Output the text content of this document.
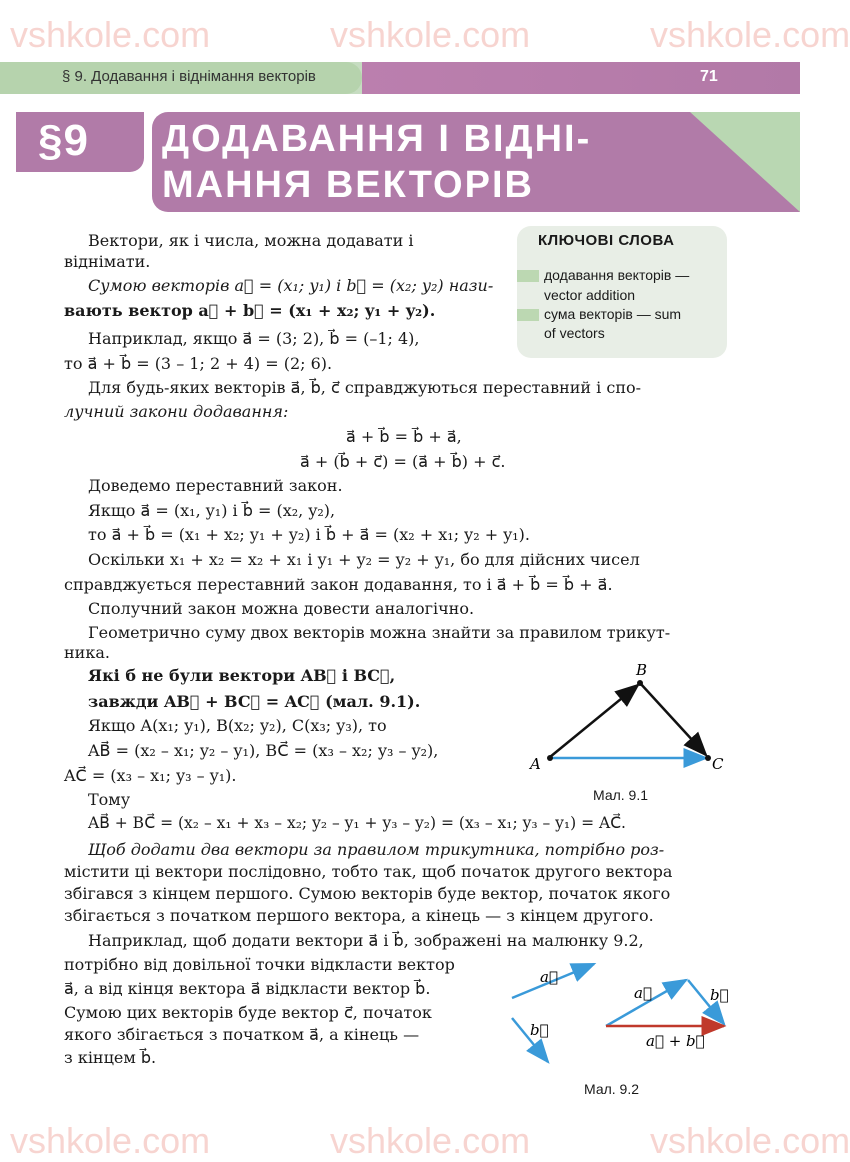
vshkole.com	vshkole.com	vshkole.com
vshkole.com	vshkole.com	vshkole.com
§ 9. Додавання і віднімання векторів	71
§9 ДОДАВАННЯ І ВІДНІ-
МАННЯ ВЕКТОРІВ
КЛЮЧОВІ СЛОВА
додавання векторів —
vector addition
сума векторів — sum
of vectors
Вектори, як і числа, можна додавати і
віднімати.
Сумою векторів a⃗ = (x₁; y₁) і b⃗ = (x₂; y₂) нази-
вають вектор a⃗ + b⃗ = (x₁ + x₂; y₁ + y₂).
Наприклад, якщо a⃗ = (3; 2), b⃗ = (–1; 4),
то a⃗ + b⃗ = (3 – 1; 2 + 4) = (2; 6).
Для будь-яких векторів a⃗, b⃗, c⃗ справджуються переставний і спо-
лучний закони додавання:
a⃗ + b⃗ = b⃗ + a⃗,
a⃗ + (b⃗ + c⃗) = (a⃗ + b⃗) + c⃗.
Доведемо переставний закон.
Якщо a⃗ = (x₁, y₁) і b⃗ = (x₂, y₂),
то a⃗ + b⃗ = (x₁ + x₂; y₁ + y₂) і b⃗ + a⃗ = (x₂ + x₁; y₂ + y₁).
Оскільки x₁ + x₂ = x₂ + x₁ і y₁ + y₂ = y₂ + y₁, бо для дійсних чисел
справджується переставний закон додавання, то і a⃗ + b⃗ = b⃗ + a⃗.
Сполучний закон можна довести аналогічно.
Геометрично суму двох векторів можна знайти за правилом трикут-
ника.
Які б не були вектори AB⃗ і BC⃗,
завжди AB⃗ + BC⃗ = AC⃗ (мал. 9.1).
Якщо A(x₁; y₁), B(x₂; y₂), C(x₃; y₃), то
AB⃗ = (x₂ – x₁; y₂ – y₁), BC⃗ = (x₃ – x₂; y₃ – y₂),
AC⃗ = (x₃ – x₁; y₃ – y₁).
Тому
AB⃗ + BC⃗ = (x₂ – x₁ + x₃ – x₂; y₂ – y₁ + y₃ – y₂) = (x₃ – x₁; y₃ – y₁) = AC⃗.
Щоб додати два вектори за правилом трикутника, потрібно роз-
містити ці вектори послідовно, тобто так, щоб початок другого вектора
збігався з кінцем першого. Сумою векторів буде вектор, початок якого
збігається з початком першого вектора, а кінець — з кінцем другого.
Наприклад, щоб додати вектори a⃗ і b⃗, зображені на малюнку 9.2,
потрібно від довільної точки відкласти вектор
a⃗, а від кінця вектора a⃗ відкласти вектор b⃗.
Сумою цих векторів буде вектор c⃗, початок
якого збігається з початком a⃗, а кінець —
з кінцем b⃗.
A
B
C
Мал. 9.1
a⃗
b⃗
a⃗	b⃗
a⃗ + b⃗
Мал. 9.2
